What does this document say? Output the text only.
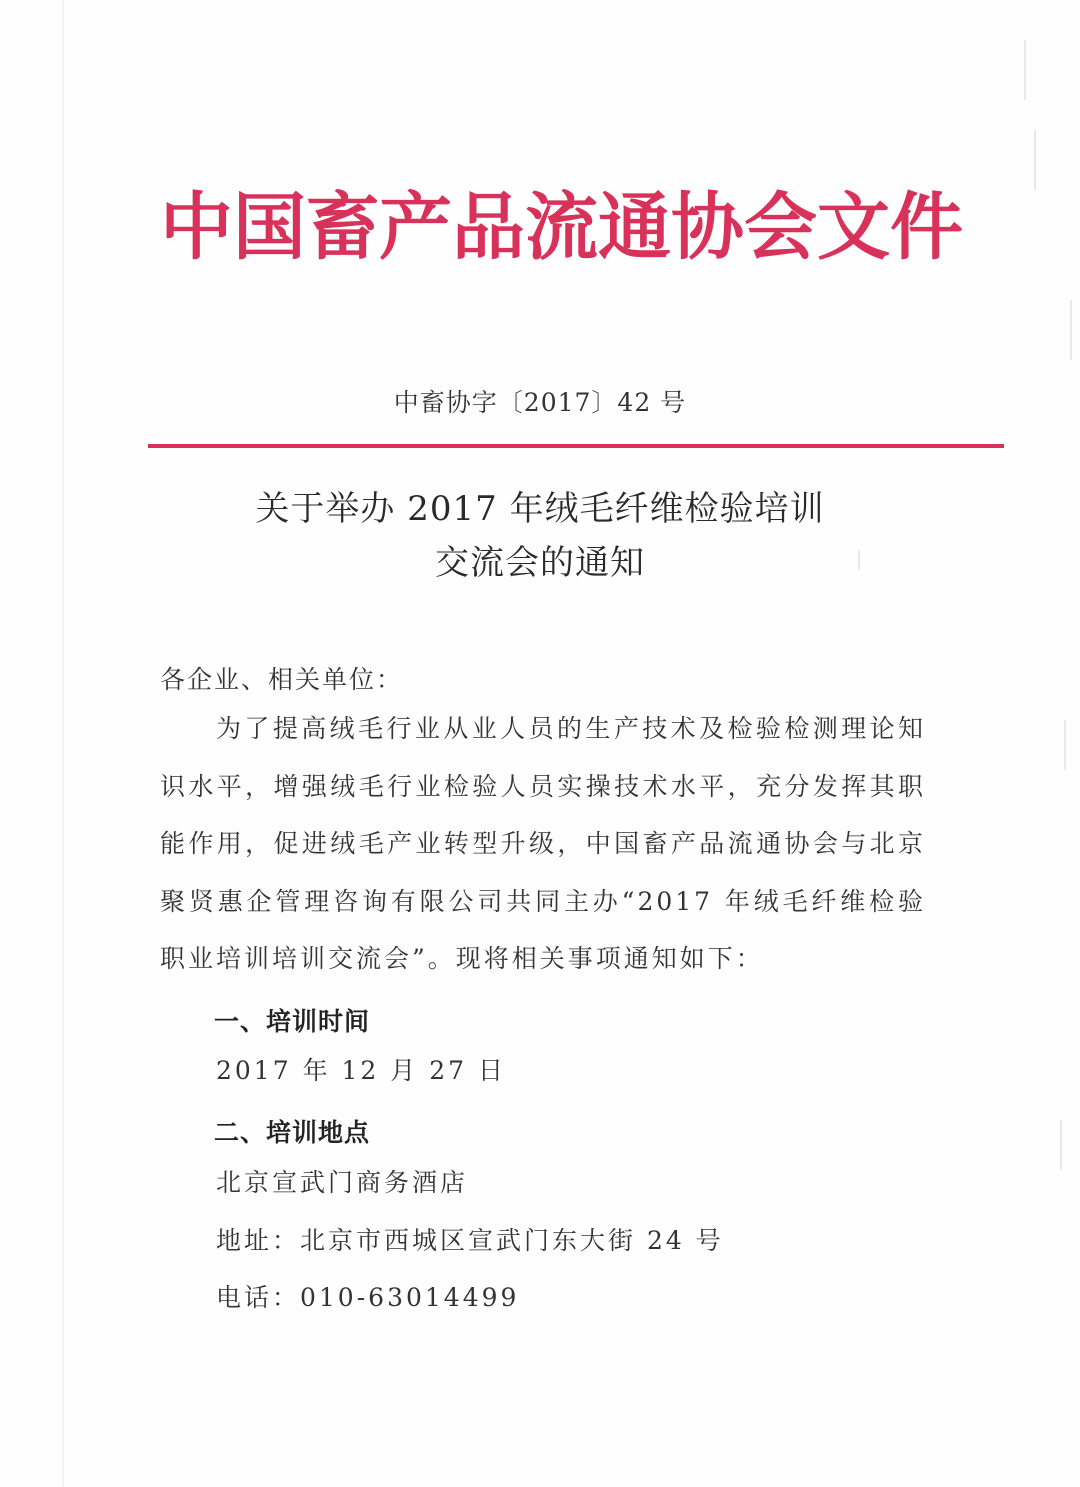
中国畜产品流通协会文件
中畜协字〔2017〕42 号
关于举办 2017 年绒毛纤维检验培训
交流会的通知
各企业、相关单位：
为了提高绒毛行业从业人员的生产技术及检验检测理论知识水平，增强绒毛行业检验人员实操技术水平，充分发挥其职能作用，促进绒毛产业转型升级，中国畜产品流通协会与北京聚贤惠企管理咨询有限公司共同主办“2017 年绒毛纤维检验职业培训培训交流会”。现将相关事项通知如下：
一、培训时间
2017 年 12 月 27 日
二、培训地点
北京宣武门商务酒店
地址：北京市西城区宣武门东大街 24 号
电话：010-63014499
